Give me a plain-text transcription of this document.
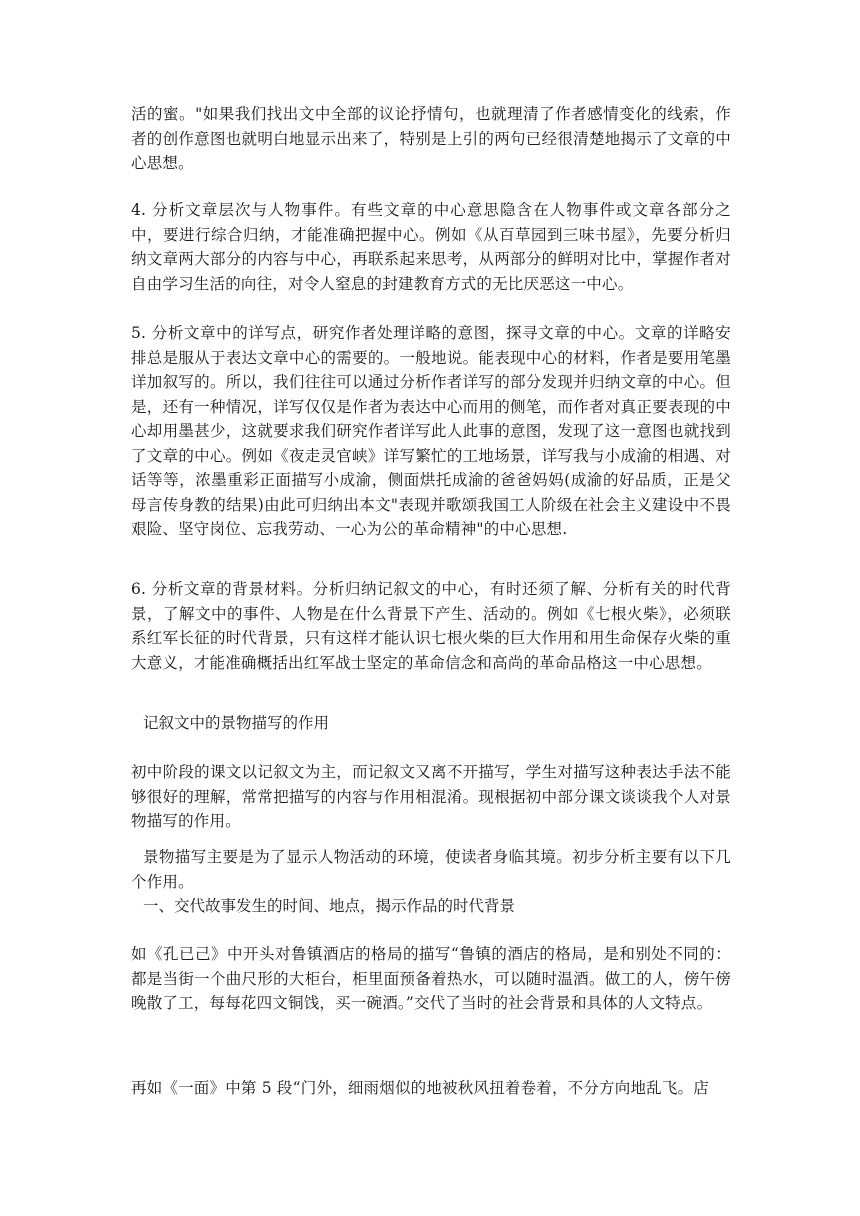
活的蜜。"如果我们找出文中全部的议论抒情句，也就理清了作者感情变化的线索，作者的创作意图也就明白地显示出来了，特别是上引的两句已经很清楚地揭示了文章的中心思想。

4. 分析文章层次与人物事件。有些文章的中心意思隐含在人物事件或文章各部分之中，要进行综合归纳，才能准确把握中心。例如《从百草园到三味书屋》，先要分析归纳文章两大部分的内容与中心，再联系起来思考，从两部分的鲜明对比中，掌握作者对自由学习生活的向往，对令人窒息的封建教育方式的无比厌恶这一中心。

5. 分析文章中的详写点，研究作者处理详略的意图，探寻文章的中心。文章的详略安排总是服从于表达文章中心的需要的。一般地说。能表现中心的材料，作者是要用笔墨详加叙写的。所以，我们往往可以通过分析作者详写的部分发现并归纳文章的中心。但是，还有一种情况，详写仅仅是作者为表达中心而用的侧笔，而作者对真正要表现的中心却用墨甚少，这就要求我们研究作者详写此人此事的意图，发现了这一意图也就找到了文章的中心。例如《夜走灵官峡》详写繁忙的工地场景，详写我与小成渝的相遇、对话等等，浓墨重彩正面描写小成渝，侧面烘托成渝的爸爸妈妈(成渝的好品质，正是父母言传身教的结果)由此可归纳出本文"表现并歌颂我国工人阶级在社会主义建设中不畏艰险、坚守岗位、忘我劳动、一心为公的革命精神"的中心思想.

6. 分析文章的背景材料。分析归纳记叙文的中心，有时还须了解、分析有关的时代背景，了解文中的事件、人物是在什么背景下产生、活动的。例如《七根火柴》，必须联系红军长征的时代背景，只有这样才能认识七根火柴的巨大作用和用生命保存火柴的重大意义，才能准确概括出红军战士坚定的革命信念和高尚的革命品格这一中心思想。

记叙文中的景物描写的作用

初中阶段的课文以记叙文为主，而记叙文又离不开描写，学生对描写这种表达手法不能够很好的理解，常常把描写的内容与作用相混淆。现根据初中部分课文谈谈我个人对景物描写的作用。

景物描写主要是为了显示人物活动的环境，使读者身临其境。初步分析主要有以下几个作用。

一、交代故事发生的时间、地点，揭示作品的时代背景

如《孔已己》中开头对鲁镇酒店的格局的描写“鲁镇的酒店的格局，是和别处不同的：都是当街一个曲尺形的大柜台，柜里面预备着热水，可以随时温酒。做工的人，傍午傍晚散了工，每每花四文铜饯，买一碗酒。”交代了当时的社会背景和具体的人文特点。

再如《一面》中第 5 段“门外，细雨烟似的地被秋风扭着卷着，不分方向地乱飞。店
